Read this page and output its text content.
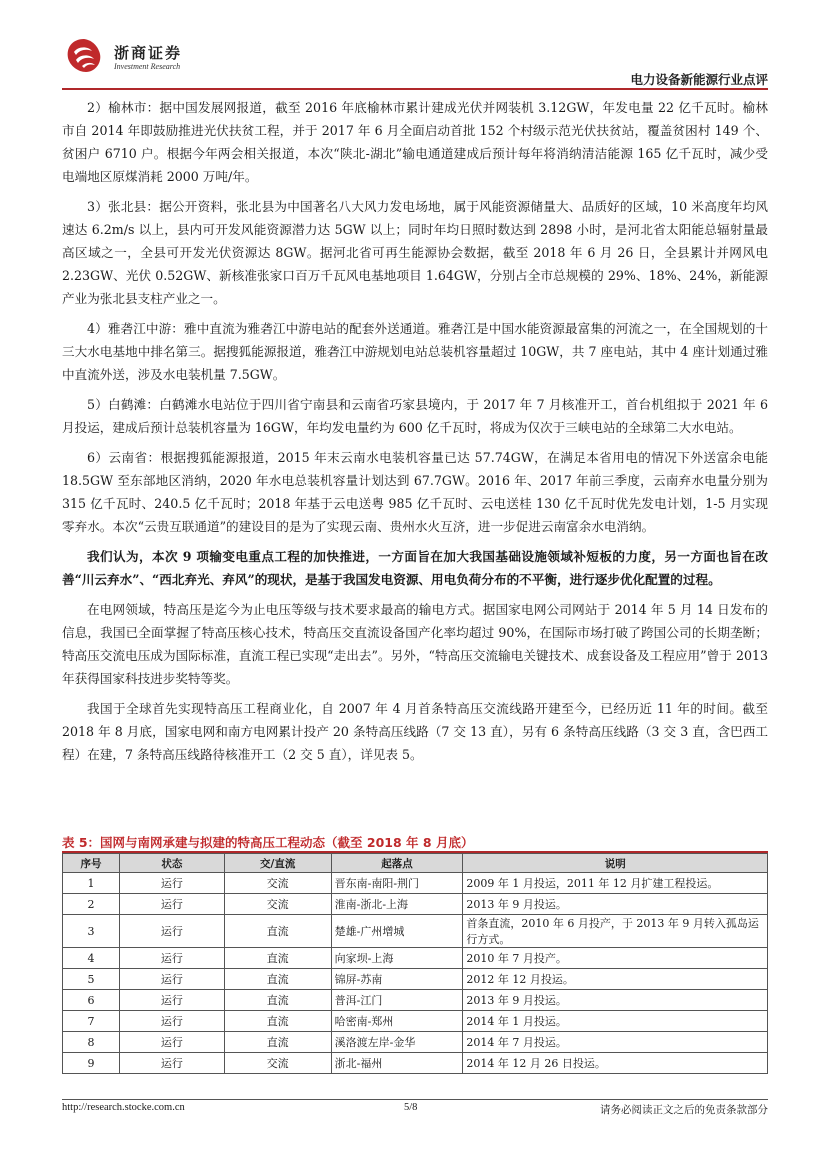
浙商证券
Investment Research
电力设备新能源行业点评

2）榆林市：据中国发展网报道，截至 2016 年底榆林市累计建成光伏并网装机 3.12GW，年发电量 22 亿千瓦时。榆林市自 2014 年即鼓励推进光伏扶贫工程，并于 2017 年 6 月全面启动首批 152 个村级示范光伏扶贫站，覆盖贫困村 149 个、贫困户 6710 户。根据今年两会相关报道，本次“陕北-湖北”输电通道建成后预计每年将消纳清洁能源 165 亿千瓦时，减少受电端地区原煤消耗 2000 万吨/年。

3）张北县：据公开资料，张北县为中国著名八大风力发电场地，属于风能资源储量大、品质好的区域，10 米高度年均风速达 6.2m/s 以上，县内可开发风能资源潜力达 5GW 以上；同时年均日照时数达到 2898 小时，是河北省太阳能总辐射量最高区域之一，全县可开发光伏资源达 8GW。据河北省可再生能源协会数据，截至 2018 年 6 月 26 日，全县累计并网风电 2.23GW、光伏 0.52GW、新核准张家口百万千瓦风电基地项目 1.64GW，分别占全市总规模的 29%、18%、24%，新能源产业为张北县支柱产业之一。

4）雅砻江中游：雅中直流为雅砻江中游电站的配套外送通道。雅砻江是中国水能资源最富集的河流之一，在全国规划的十三大水电基地中排名第三。据搜狐能源报道，雅砻江中游规划电站总装机容量超过 10GW，共 7 座电站，其中 4 座计划通过雅中直流外送，涉及水电装机量 7.5GW。

5）白鹤滩：白鹤滩水电站位于四川省宁南县和云南省巧家县境内，于 2017 年 7 月核准开工，首台机组拟于 2021 年 6 月投运，建成后预计总装机容量为 16GW，年均发电量约为 600 亿千瓦时，将成为仅次于三峡电站的全球第二大水电站。

6）云南省：根据搜狐能源报道，2015 年末云南水电装机容量已达 57.74GW，在满足本省用电的情况下外送富余电能 18.5GW 至东部地区消纳，2020 年水电总装机容量计划达到 67.7GW。2016 年、2017 年前三季度，云南弃水电量分别为 315 亿千瓦时、240.5 亿千瓦时；2018 年基于云电送粤 985 亿千瓦时、云电送桂 130 亿千瓦时优先发电计划，1-5 月实现零弃水。本次“云贵互联通道”的建设目的是为了实现云南、贵州水火互济，进一步促进云南富余水电消纳。

我们认为，本次 9 项输变电重点工程的加快推进，一方面旨在加大我国基础设施领域补短板的力度，另一方面也旨在改善“川云弃水”、“西北弃光、弃风”的现状，是基于我国发电资源、用电负荷分布的不平衡，进行逐步优化配置的过程。

在电网领域，特高压是迄今为止电压等级与技术要求最高的输电方式。据国家电网公司网站于 2014 年 5 月 14 日发布的信息，我国已全面掌握了特高压核心技术，特高压交直流设备国产化率均超过 90%，在国际市场打破了跨国公司的长期垄断；特高压交流电压成为国际标准，直流工程已实现“走出去”。另外，“特高压交流输电关键技术、成套设备及工程应用”曾于 2013 年获得国家科技进步奖特等奖。

我国于全球首先实现特高压工程商业化，自 2007 年 4 月首条特高压交流线路开建至今，已经历近 11 年的时间。截至 2018 年 8 月底，国家电网和南方电网累计投产 20 条特高压线路（7 交 13 直），另有 6 条特高压线路（3 交 3 直，含巴西工程）在建，7 条特高压线路待核准开工（2 交 5 直），详见表 5。

表 5：国网与南网承建与拟建的特高压工程动态（截至 2018 年 8 月底）
序号	状态	交/直流	起落点	说明
1	运行	交流	晋东南-南阳-荆门	2009 年 1 月投运，2011 年 12 月扩建工程投运。
2	运行	交流	淮南-浙北-上海	2013 年 9 月投运。
3	运行	直流	楚雄-广州增城	首条直流，2010 年 6 月投产，于 2013 年 9 月转入孤岛运行方式。
4	运行	直流	向家坝-上海	2010 年 7 月投产。
5	运行	直流	锦屏-苏南	2012 年 12 月投运。
6	运行	直流	普洱-江门	2013 年 9 月投运。
7	运行	直流	哈密南-郑州	2014 年 1 月投运。
8	运行	直流	溪洛渡左岸-金华	2014 年 7 月投运。
9	运行	交流	浙北-福州	2014 年 12 月 26 日投运。
http://research.stocke.com.cn	5/8	请务必阅读正文之后的免责条款部分
